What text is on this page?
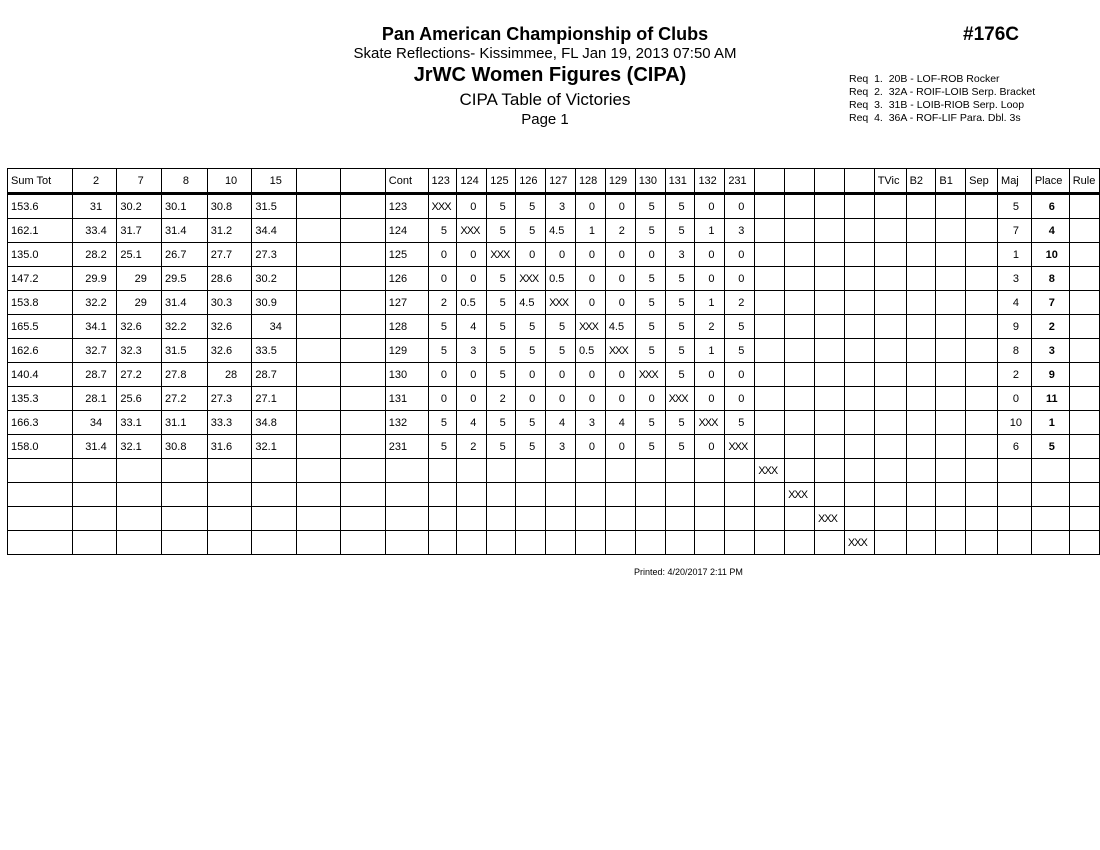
Pan American Championship of Clubs
Skate Reflections- Kissimmee, FL Jan 19, 2013 07:50 AM
JrWC Women Figures (CIPA)
CIPA Table of Victories
Page 1
#176C
Req  1.  20B - LOF-ROB Rocker
Req  2.  32A - ROIF-LOIB Serp. Bracket
Req  3.  31B - LOIB-RIOB Serp. Loop
Req  4.  36A - ROF-LIF Para. Dbl. 3s
Sum Tot	2	7	8	10	15			Cont	123	124	125	126	127	128	129	130	131	132	231					TVic	B2	B1	Sep	Maj	Place	Rule
153.6	31	30.2	30.1	30.8	31.5			123	XXX	0	5	5	3	0	0	5	5	0	0									5	6	
162.1	33.4	31.7	31.4	31.2	34.4			124	5	XXX	5	5	4.5	1	2	5	5	1	3									7	4	
135.0	28.2	25.1	26.7	27.7	27.3			125	0	0	XXX	0	0	0	0	0	3	0	0									1	10	
147.2	29.9	29	29.5	28.6	30.2			126	0	0	5	XXX	0.5	0	0	5	5	0	0									3	8	
153.8	32.2	29	31.4	30.3	30.9			127	2	0.5	5	4.5	XXX	0	0	5	5	1	2									4	7	
165.5	34.1	32.6	32.2	32.6	34			128	5	4	5	5	5	XXX	4.5	5	5	2	5									9	2	
162.6	32.7	32.3	31.5	32.6	33.5			129	5	3	5	5	5	0.5	XXX	5	5	1	5									8	3	
140.4	28.7	27.2	27.8	28	28.7			130	0	0	5	0	0	0	0	XXX	5	0	0									2	9	
135.3	28.1	25.6	27.2	27.3	27.1			131	0	0	2	0	0	0	0	0	XXX	0	0									0	11	
166.3	34	33.1	31.1	33.3	34.8			132	5	4	5	5	4	3	4	5	5	XXX	5									10	1	
158.0	31.4	32.1	30.8	31.6	32.1			231	5	2	5	5	3	0	0	5	5	0	XXX									6	5	
																				XXX										
																					XXX									
																						XXX								
																							XXX							
Printed: 4/20/2017 2:11 PM
